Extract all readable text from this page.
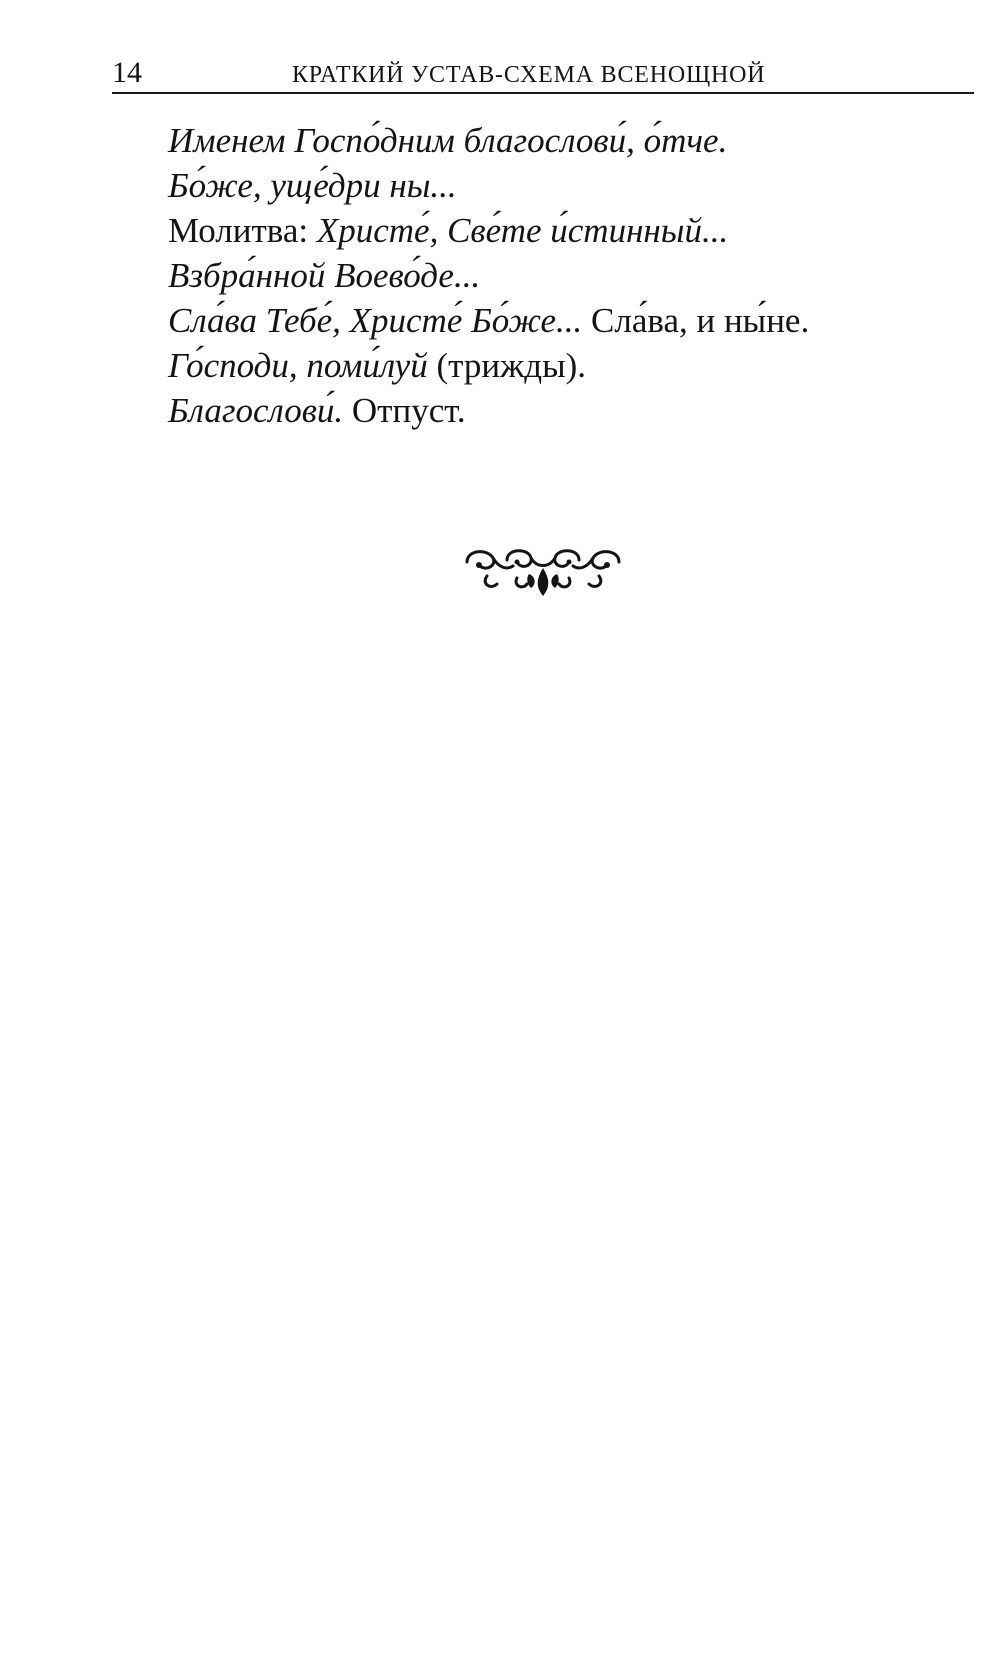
14	КРАТКИЙ УСТАВ-СХЕМА ВСЕНОЩНОЙ
Именем Госпо́дним благослови́, о́тче.
Бо́же, уще́дри ны...
Молитва: Христе́, Све́те и́стинный...
Взбра́нной Воево́де...
Сла́ва Тебе́, Христе́ Бо́же... Сла́ва, и ны́не.
Го́споди, поми́луй (трижды).
Благослови́. Отпуст.
